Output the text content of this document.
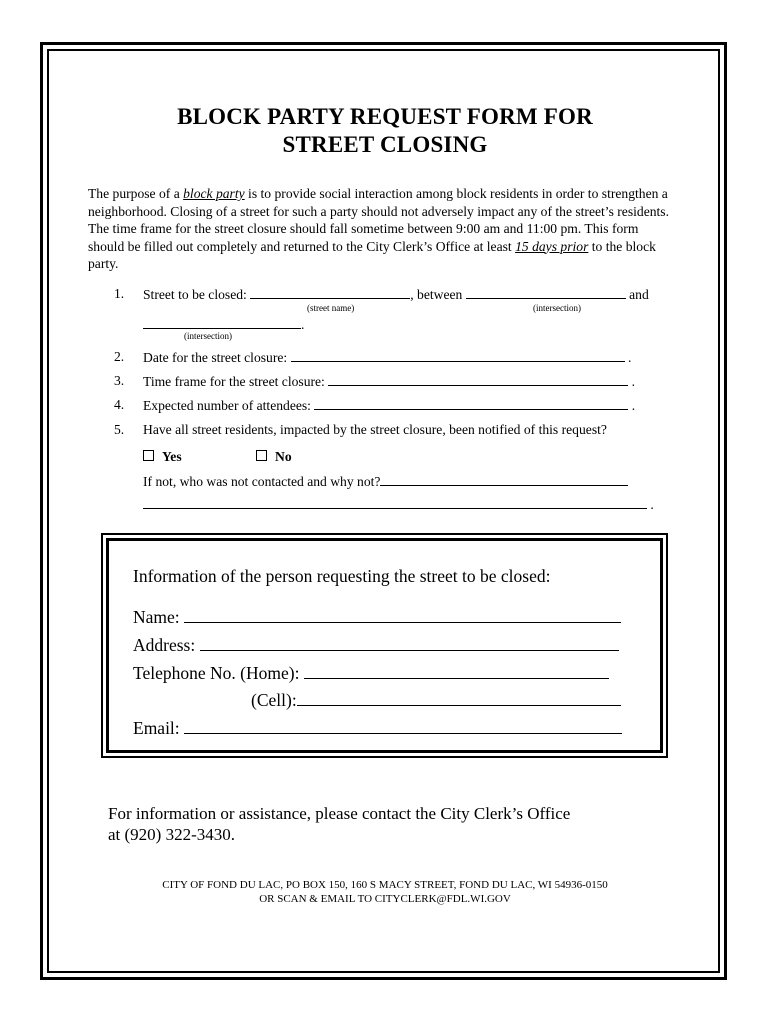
BLOCK PARTY REQUEST FORM FOR
STREET CLOSING
The purpose of a block party is to provide social interaction among block residents in order to strengthen a neighborhood. Closing of a street for such a party should not adversely impact any of the street’s residents. The time frame for the street closure should fall sometime between 9:00 am and 11:00 pm. This form should be filled out completely and returned to the City Clerk’s Office at least 15 days prior to the block party.
1. Street to be closed:	, between	and
(street name)	(intersection)
.
(intersection)
2. Date for the street closure:	.
3. Time frame for the street closure:	.
4. Expected number of attendees:	.
5. Have all street residents, impacted by the street closure, been notified of this request?
Yes	No
If not, who was not contacted and why not?
.
Information of the person requesting the street to be closed:
Name:
Address:
Telephone No. (Home):
(Cell):
Email:
For information or assistance, please contact the City Clerk’s Office
at (920) 322-3430.
CITY OF FOND DU LAC, PO BOX 150, 160 S MACY STREET, FOND DU LAC, WI 54936-0150
OR SCAN & EMAIL TO CITYCLERK@FDL.WI.GOV
